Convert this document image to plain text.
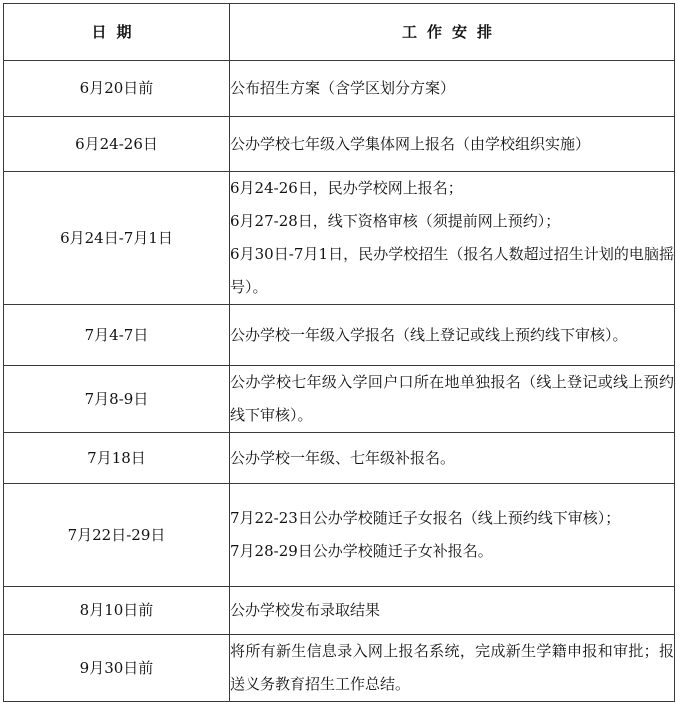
日期	工作安排
6月20日前	公布招生方案（含学区划分方案）

6月24-26日	公办学校七年级入学集体网上报名（由学校组织实施）

6月24日-7月1日	6月24-26日，民办学校网上报名；
6月27-28日，线下资格审核（须提前网上预约）；
6月30日-7月1日，民办学校招生（报名人数超过招生计划的电脑摇号）。

7月4-7日	公办学校一年级入学报名（线上登记或线上预约线下审核）。

7月8-9日	公办学校七年级入学回户口所在地单独报名（线上登记或线上预约线下审核）。

7月18日	公办学校一年级、七年级补报名。

7月22日-29日	7月22-23日公办学校随迁子女报名（线上预约线下审核）；
7月28-29日公办学校随迁子女补报名。

8月10日前	公办学校发布录取结果

9月30日前	将所有新生信息录入网上报名系统，完成新生学籍申报和审批；报送义务教育招生工作总结。
